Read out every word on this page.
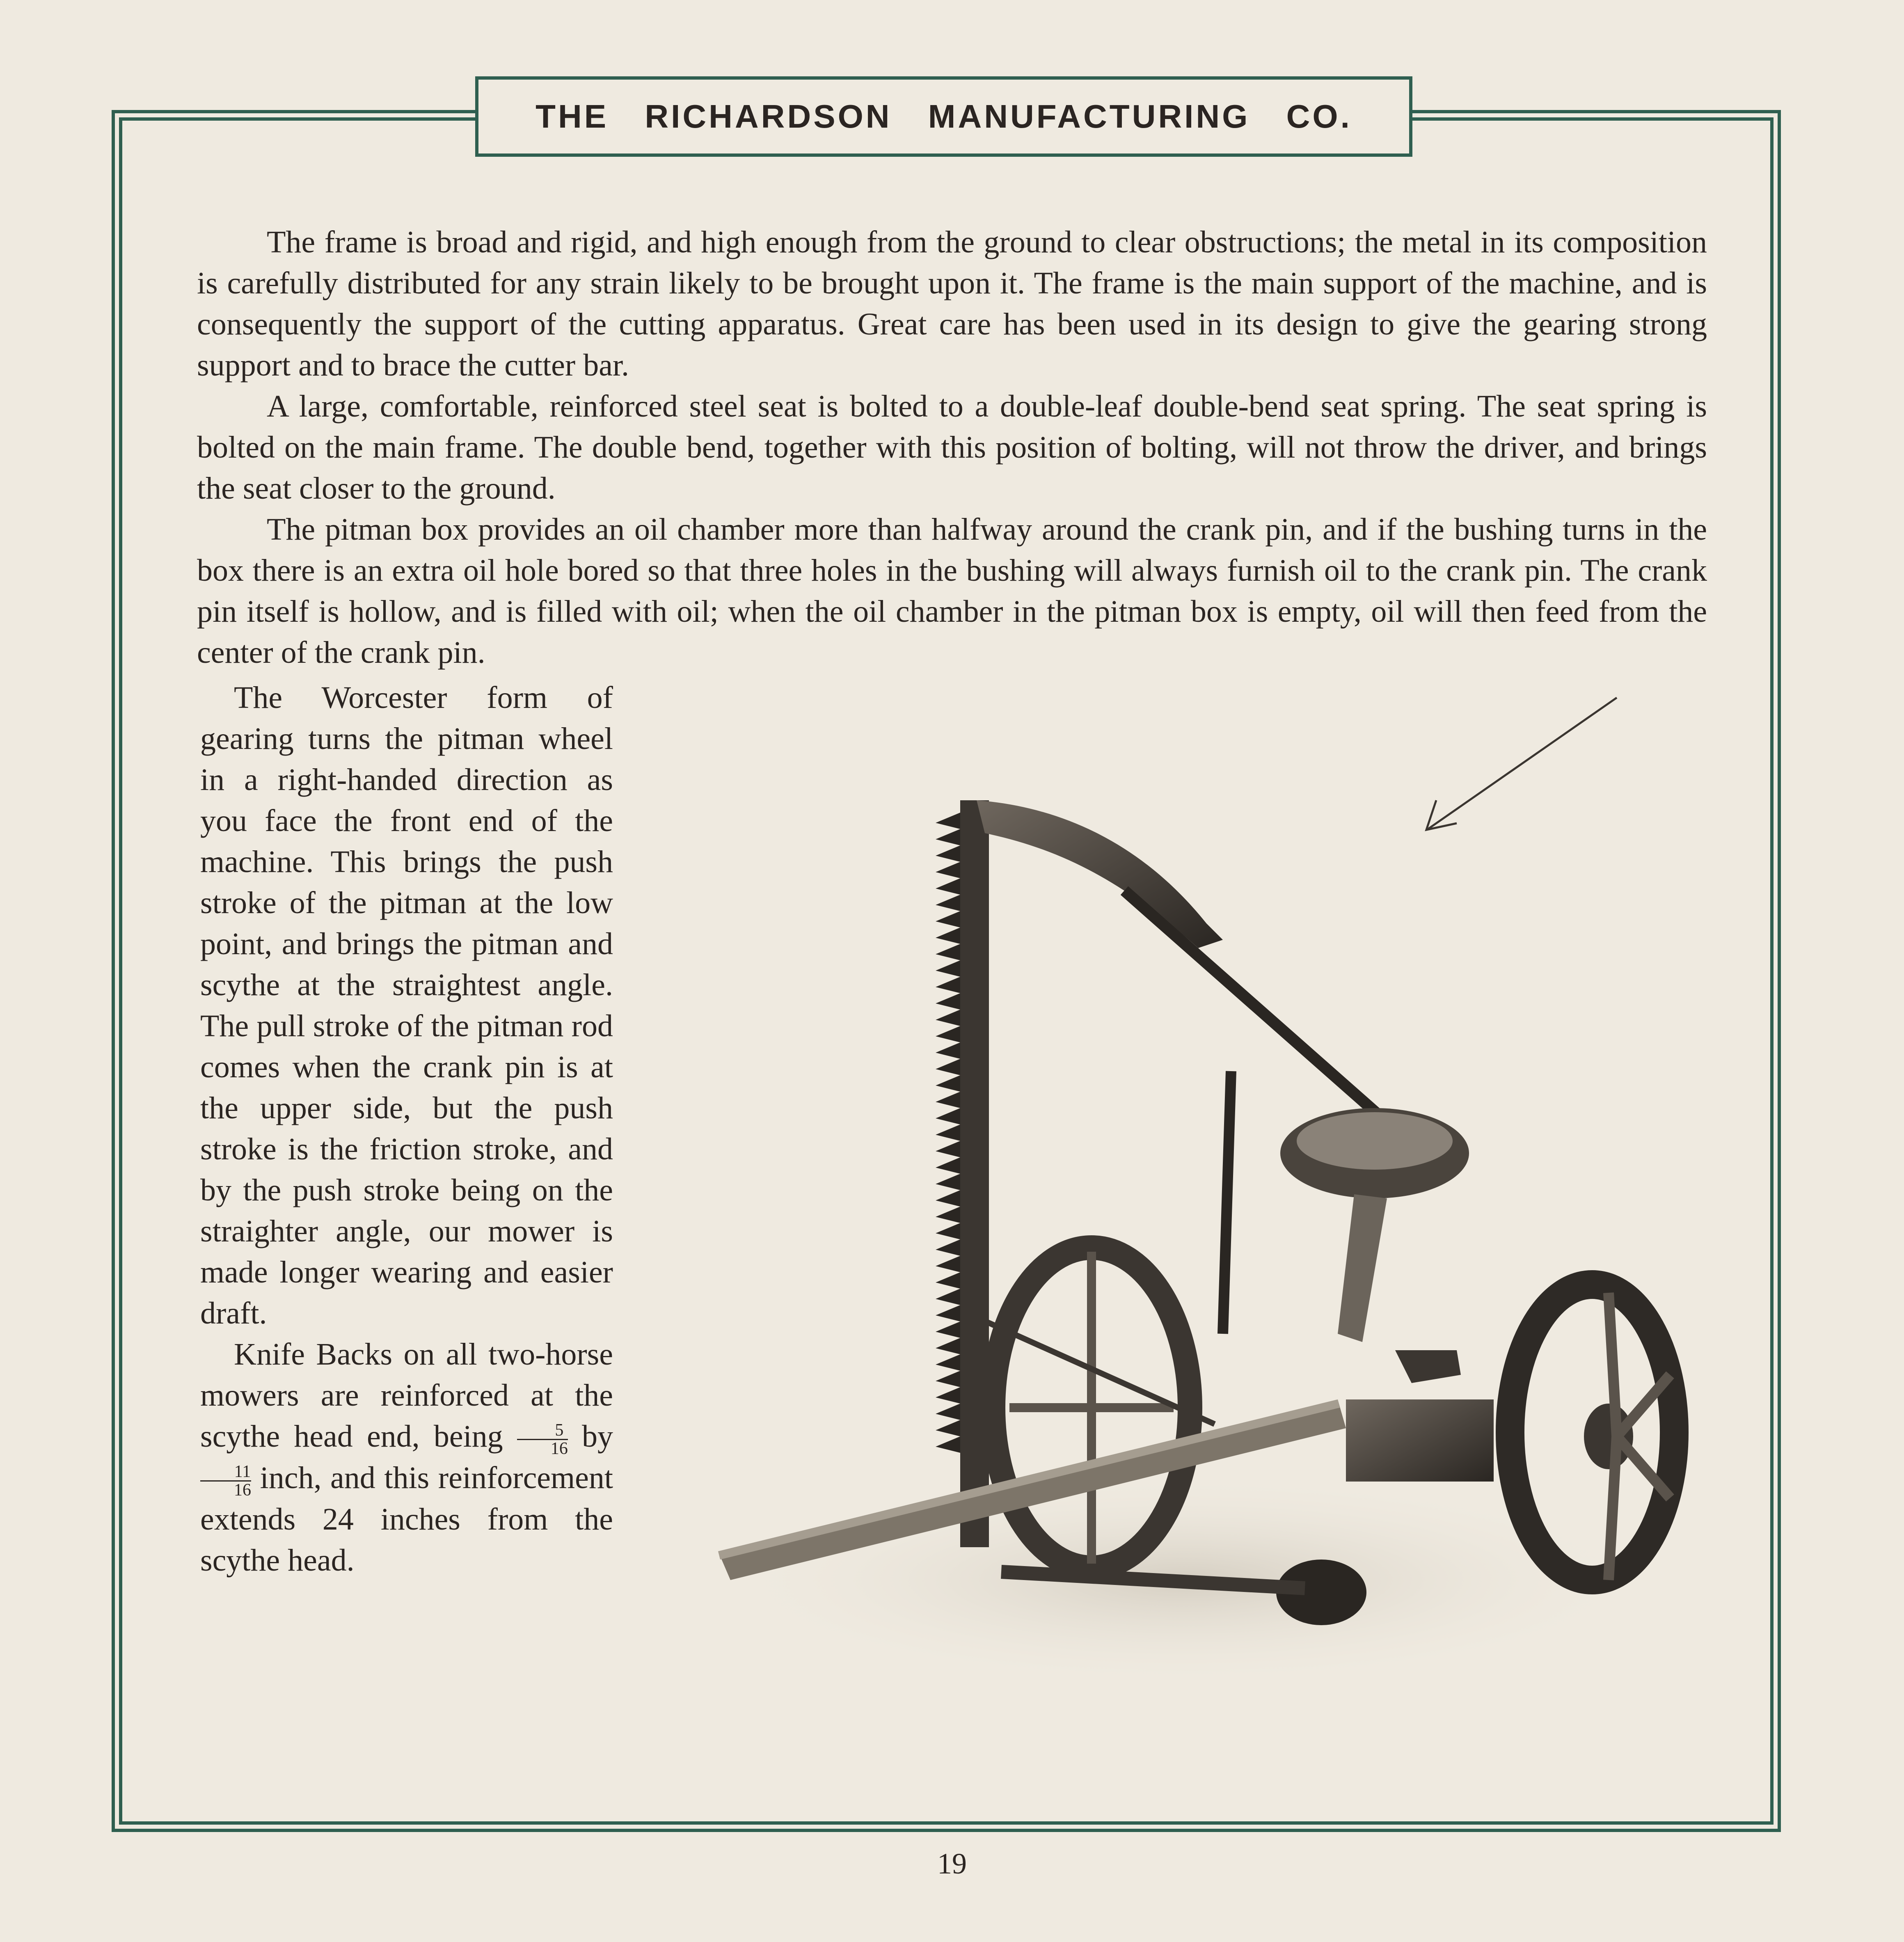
THE RICHARDSON MANUFACTURING CO.

The frame is broad and rigid, and high enough from the ground to clear obstructions; the metal in its composition is carefully distributed for any strain likely to be brought upon it. The frame is the main support of the machine, and is consequently the support of the cutting apparatus. Great care has been used in its design to give the gearing strong support and to brace the cutter bar.

A large, comfortable, reinforced steel seat is bolted to a double-leaf double-bend seat spring. The seat spring is bolted on the main frame. The double bend, together with this position of bolting, will not throw the driver, and brings the seat closer to the ground.

The pitman box provides an oil chamber more than halfway around the crank pin, and if the bushing turns in the box there is an extra oil hole bored so that three holes in the bushing will always furnish oil to the crank pin. The crank pin itself is hollow, and is filled with oil; when the oil chamber in the pitman box is empty, oil will then feed from the center of the crank pin.

The Worcester form of gearing turns the pitman wheel in a right-handed direction as you face the front end of the machine. This brings the push stroke of the pitman at the low point, and brings the pitman and scythe at the straightest angle. The pull stroke of the pitman rod comes when the crank pin is at the upper side, but the push stroke is the friction stroke, and by the push stroke being on the straighter angle, our mower is made longer wearing and easier draft.

Knife Backs on all two-horse mowers are reinforced at the scythe head end, being $\frac{5}{16}$ by
$\frac{11}{16}$ inch, and this reinforcement extends 24 inches from the scythe head.

19
